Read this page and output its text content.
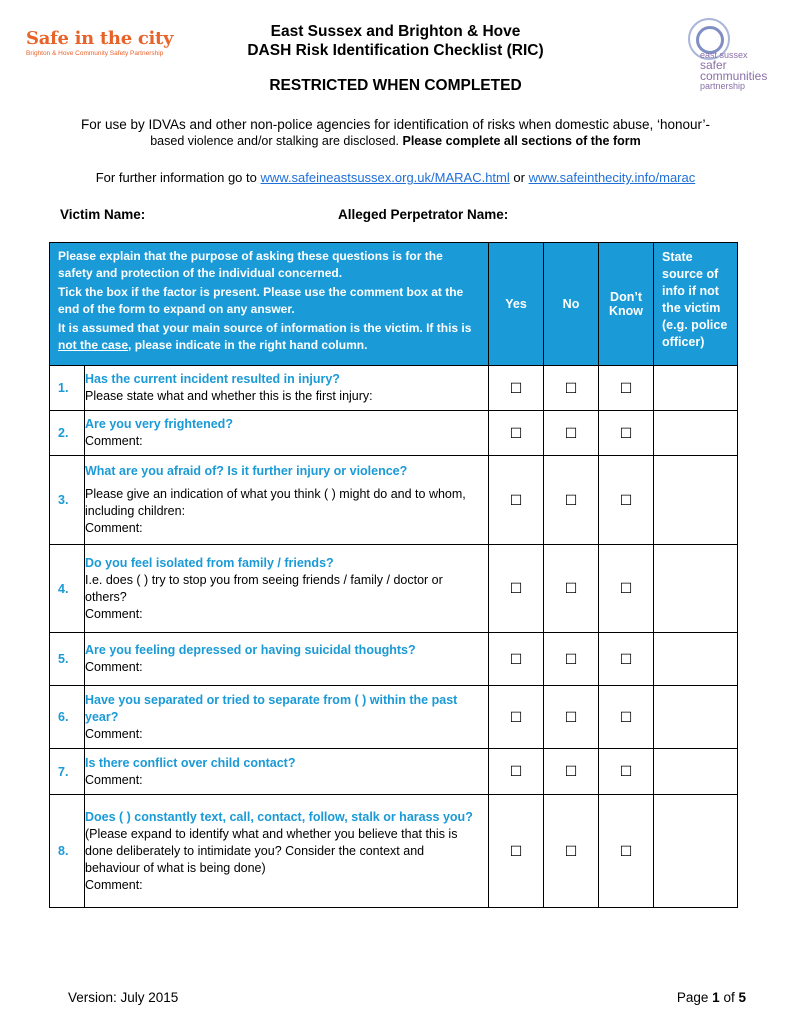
Safe in the city
Brighton & Hove Community Safety Partnership
East Sussex and Brighton & Hove
DASH Risk Identification Checklist (RIC)
RESTRICTED WHEN COMPLETED
east sussex
safer
communities
partnership
For use by IDVAs and other non-police agencies for identification of risks when domestic abuse, ‘honour’-
based violence and/or stalking are disclosed. Please complete all sections of the form
For further information go to www.safeineastsussex.org.uk/MARAC.html or www.safeinthecity.info/marac
Victim Name:	Alleged Perpetrator Name:

Please explain that the purpose of asking these questions is for the safety and protection of the individual concerned.

Tick the box if the factor is present. Please use the comment box at the end of the form to expand on any answer.

It is assumed that your main source of information is the victim. If this is not the case, please indicate in the right hand column.		Yes	No	Don’t Know	State source of info if not the victim (e.g. police officer)
1.	Has the current incident resulted in injury?
Please state what and whether this is the first injury:	☐	☐	☐	
2.	Are you very frightened?
Comment:	☐	☐	☐	
3.	What are you afraid of? Is it further injury or violence?
Please give an indication of what you think ( ) might do and to whom, including children:
Comment:	☐	☐	☐	
4.	Do you feel isolated from family / friends?
I.e. does ( ) try to stop you from seeing friends / family / doctor or others?
Comment:	☐	☐	☐	
5.	Are you feeling depressed or having suicidal thoughts?
Comment:	☐	☐	☐	
6.	Have you separated or tried to separate from ( ) within the past year?
Comment:	☐	☐	☐	
7.	Is there conflict over child contact?
Comment:	☐	☐	☐	
8.	Does ( ) constantly text, call, contact, follow, stalk or harass you?
(Please expand to identify what and whether you believe that this is done deliberately to intimidate you? Consider the context and behaviour of what is being done)
Comment:	☐	☐	☐	
Version: July 2015	Page 1 of 5
